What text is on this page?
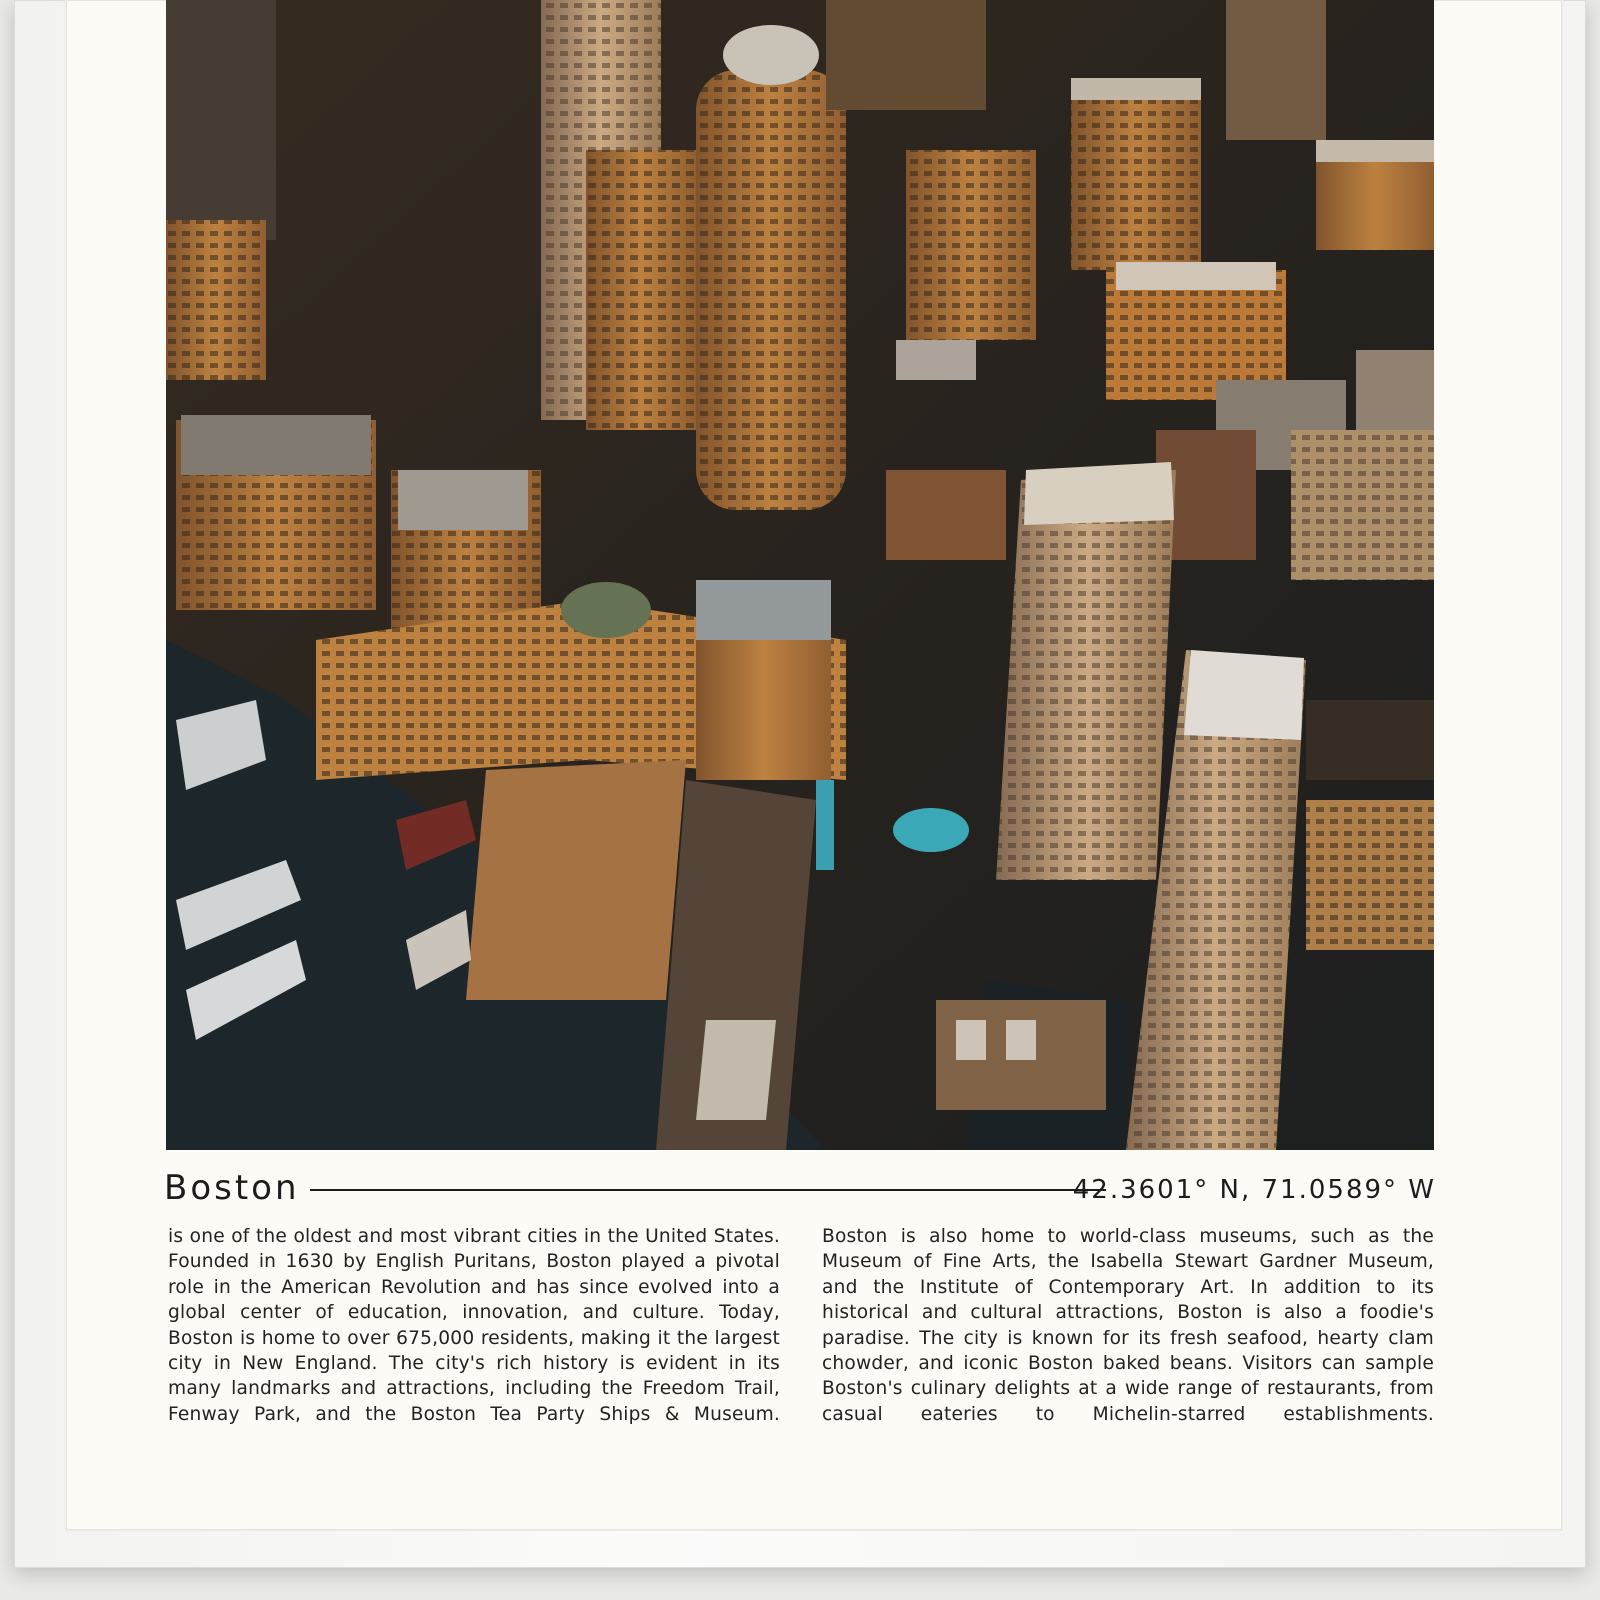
Boston	42.3601° N, 71.0589° W
is one of the oldest and most vibrant cities in the United States. Founded in 1630 by English Puritans, Boston played a pivotal role in the American Revolution and has since evolved into a global center of education, innovation, and culture. Today, Boston is home to over 675,000 residents, making it the largest city in New England. The city's rich history is evident in its many landmarks and attractions, including the Freedom Trail, Fenway Park, and the Boston Tea Party Ships & Museum.
Boston is also home to world-class museums, such as the Museum of Fine Arts, the Isabella Stewart Gardner Museum, and the Institute of Contemporary Art. In addition to its historical and cultural attractions, Boston is also a foodie's paradise. The city is known for its fresh seafood, hearty clam chowder, and iconic Boston baked beans. Visitors can sample Boston's culinary delights at a wide range of restaurants, from casual eateries to Michelin-starred establishments.
